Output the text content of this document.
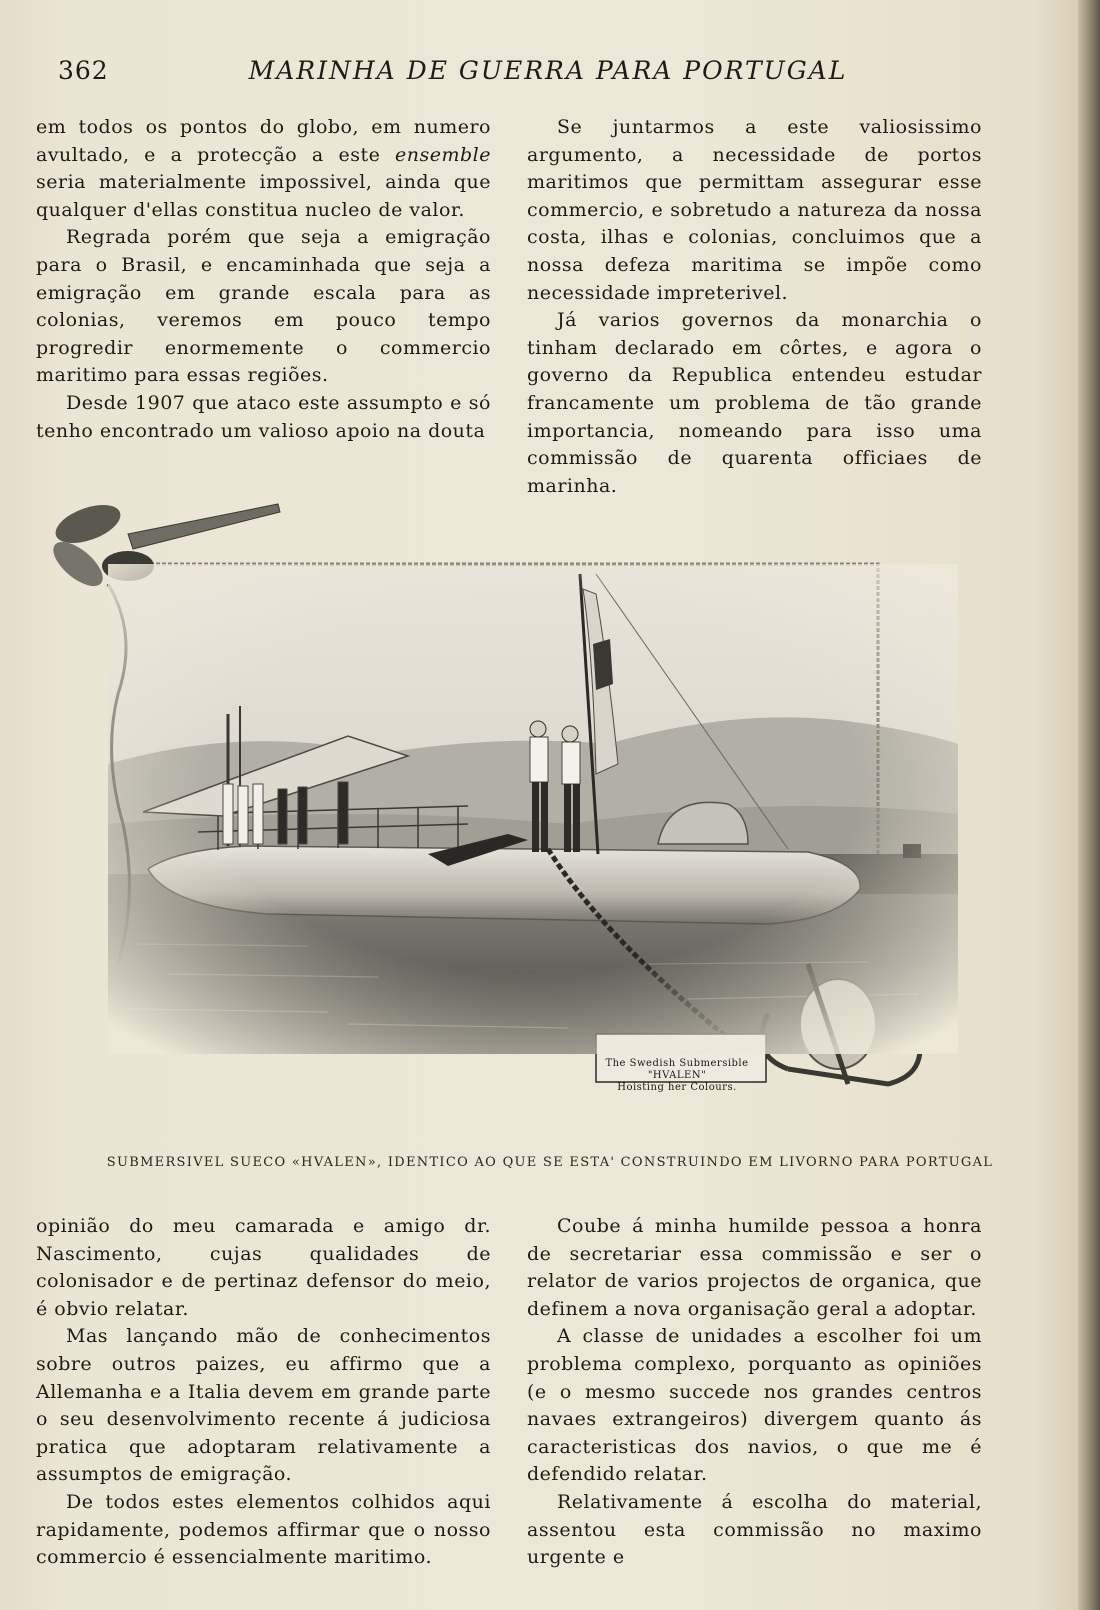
362	MARINHA DE GUERRA PARA PORTUGAL

em todos os pontos do globo, em numero avultado, e a protecção a este ensemble seria materialmente impossivel, ainda que qualquer d'ellas constitua nucleo de valor.

Regrada porém que seja a emigração para o Brasil, e encaminhada que seja a emigração em grande escala para as colonias, veremos em pouco tempo progredir enormemente o commercio maritimo para essas regiões.

Desde 1907 que ataco este assumpto e só tenho encontrado um valioso apoio na douta

Se juntarmos a este valiosissimo argumento, a necessidade de portos maritimos que permittam assegurar esse commercio, e sobretudo a natureza da nossa costa, ilhas e colonias, concluimos que a nossa defeza maritima se impõe como necessidade impreterivel.

Já varios governos da monarchia o tinham declarado em côrtes, e agora o governo da Republica entendeu estudar francamente um problema de tão grande importancia, nomeando para isso uma commissão de quarenta officiaes de marinha.

The Swedish Submersible
"HVALEN"
Hoisting her Colours.
SUBMERSIVEL SUECO «HVALEN», IDENTICO AO QUE SE ESTA' CONSTRUINDO EM LIVORNO PARA PORTUGAL

opinião do meu camarada e amigo dr. Nascimento, cujas qualidades de colonisador e de pertinaz defensor do meio, é obvio relatar.

Mas lançando mão de conhecimentos sobre outros paizes, eu affirmo que a Allemanha e a Italia devem em grande parte o seu desenvolvimento recente á judiciosa pratica que adoptaram relativamente a assumptos de emigração.

De todos estes elementos colhidos aqui rapidamente, podemos affirmar que o nosso commercio é essencialmente maritimo.

Coube á minha humilde pessoa a honra de secretariar essa commissão e ser o relator de varios projectos de organica, que definem a nova organisação geral a adoptar.

A classe de unidades a escolher foi um problema complexo, porquanto as opiniões (e o mesmo succede nos grandes centros navaes extrangeiros) divergem quanto ás caracteristicas dos navios, o que me é defendido relatar.

Relativamente á escolha do material, assentou esta commissão no maximo urgente e
